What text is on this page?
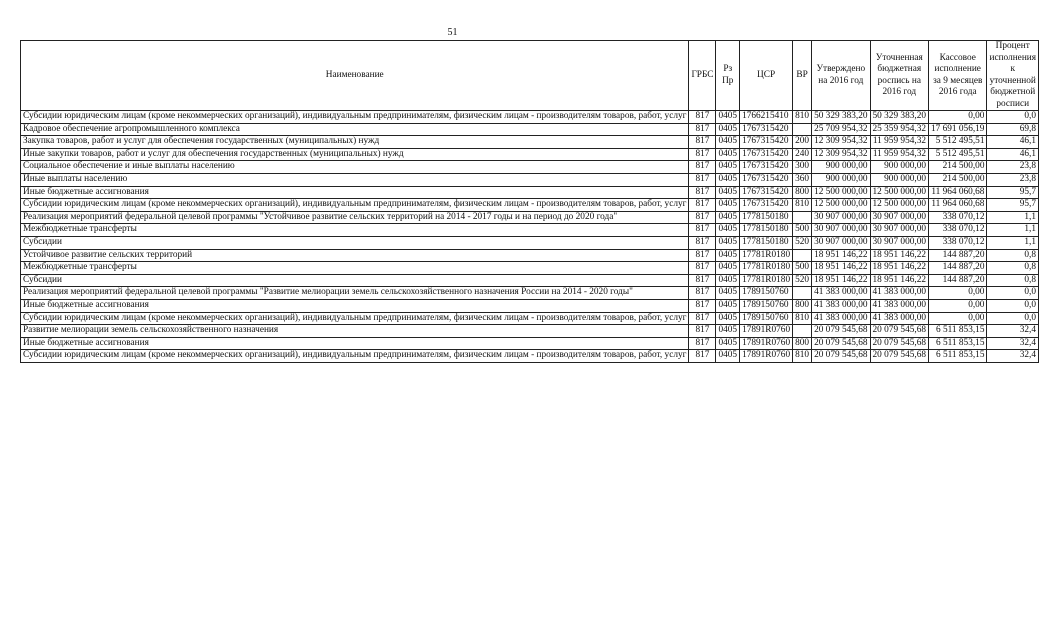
51
Наименование	ГРБС	Рз Пр	ЦСР	ВР	Утверждено на 2016 год	Уточненная бюджетная роспись на 2016 год	Кассовое исполнение за 9 месяцев 2016 года	Процент исполнения к уточненной бюджетной росписи
Субсидии юридическим лицам (кроме некоммерческих организаций), индивидуальным предпринимателям, физическим лицам - производителям товаров, работ, услуг	817	0405	1766215410	810	50 329 383,20	50 329 383,20	0,00	0,0
Кадровое обеспечение агропромышленного комплекса	817	0405	1767315420		25 709 954,32	25 359 954,32	17 691 056,19	69,8
Закупка товаров, работ и услуг для обеспечения государственных (муниципальных) нужд	817	0405	1767315420	200	12 309 954,32	11 959 954,32	5 512 495,51	46,1
Иные закупки товаров, работ и услуг для обеспечения государственных (муниципальных) нужд	817	0405	1767315420	240	12 309 954,32	11 959 954,32	5 512 495,51	46,1
Социальное обеспечение и иные выплаты населению	817	0405	1767315420	300	900 000,00	900 000,00	214 500,00	23,8
Иные выплаты населению	817	0405	1767315420	360	900 000,00	900 000,00	214 500,00	23,8
Иные бюджетные ассигнования	817	0405	1767315420	800	12 500 000,00	12 500 000,00	11 964 060,68	95,7
Субсидии юридическим лицам (кроме некоммерческих организаций), индивидуальным предпринимателям, физическим лицам - производителям товаров, работ, услуг	817	0405	1767315420	810	12 500 000,00	12 500 000,00	11 964 060,68	95,7
Реализация мероприятий федеральной целевой программы "Устойчивое развитие сельских территорий на 2014 - 2017 годы и на период до 2020 года"	817	0405	1778150180		30 907 000,00	30 907 000,00	338 070,12	1,1
Межбюджетные трансферты	817	0405	1778150180	500	30 907 000,00	30 907 000,00	338 070,12	1,1
Субсидии	817	0405	1778150180	520	30 907 000,00	30 907 000,00	338 070,12	1,1
Устойчивое развитие сельских территорий	817	0405	17781R0180		18 951 146,22	18 951 146,22	144 887,20	0,8
Межбюджетные трансферты	817	0405	17781R0180	500	18 951 146,22	18 951 146,22	144 887,20	0,8
Субсидии	817	0405	17781R0180	520	18 951 146,22	18 951 146,22	144 887,20	0,8
Реализация мероприятий федеральной целевой программы "Развитие мелиорации земель сельскохозяйственного назначения России на 2014 - 2020 годы"	817	0405	1789150760		41 383 000,00	41 383 000,00	0,00	0,0
Иные бюджетные ассигнования	817	0405	1789150760	800	41 383 000,00	41 383 000,00	0,00	0,0
Субсидии юридическим лицам (кроме некоммерческих организаций), индивидуальным предпринимателям, физическим лицам - производителям товаров, работ, услуг	817	0405	1789150760	810	41 383 000,00	41 383 000,00	0,00	0,0
Развитие мелиорации земель сельскохозяйственного назначения	817	0405	17891R0760		20 079 545,68	20 079 545,68	6 511 853,15	32,4
Иные бюджетные ассигнования	817	0405	17891R0760	800	20 079 545,68	20 079 545,68	6 511 853,15	32,4
Субсидии юридическим лицам (кроме некоммерческих организаций), индивидуальным предпринимателям, физическим лицам - производителям товаров, работ, услуг	817	0405	17891R0760	810	20 079 545,68	20 079 545,68	6 511 853,15	32,4
